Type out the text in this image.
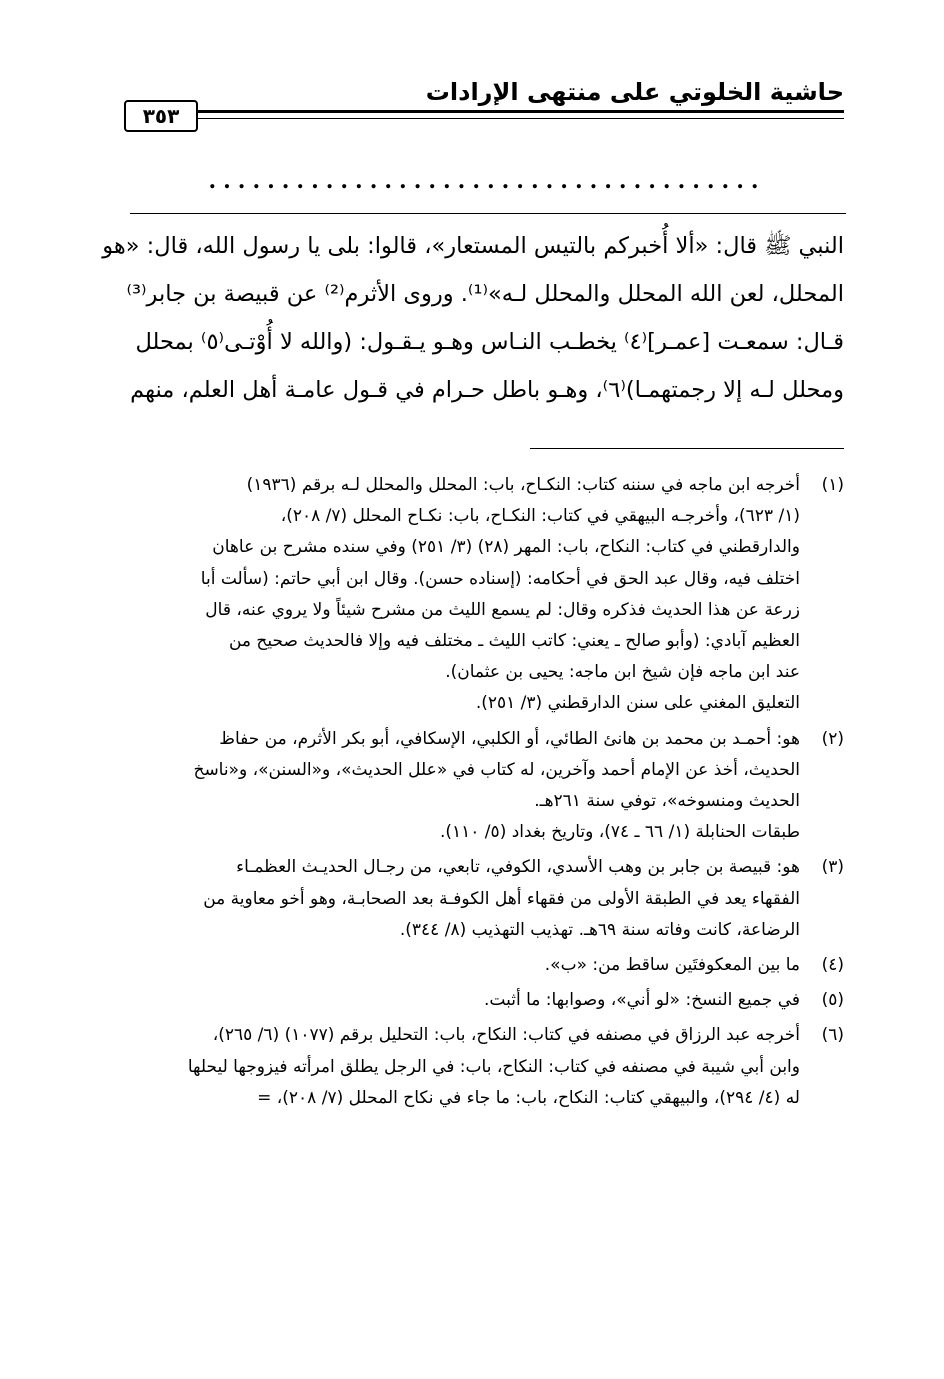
حاشية الخلوتي على منتهى الإرادات
٣٥٣
......................................
النبي ﷺ قال: «ألا أُخبركم بالتيس المستعار»، قالوا: بلى يا رسول الله، قال: «هو
المحلل، لعن الله المحلل والمحلل لـه»⁽¹⁾. وروى الأثرم⁽²⁾ عن قبيصة بن جابر⁽³⁾
قـال: سمعـت [عمـر]⁽٤⁾ يخطـب النـاس وهـو يـقـول: (والله لا أُوْتـى⁽٥⁾ بمحلل
ومحلل لـه إلا رجمتهمـا)⁽٦⁾، وهـو باطل حـرام في قـول عامـة أهل العلم، منهم
(١)
أخرجه ابن ماجه في سننه كتاب: النكـاح، باب: المحلل والمحلل لـه برقم (١٩٣٦)
(١/ ٦٢٣)، وأخرجـه البيهقي في كتاب: النكـاح، باب: نكـاح المحلل (٧/ ٢٠٨)،
والدارقطني في كتاب: النكاح، باب: المهر (٢٨) (٣/ ٢٥١) وفي سنده مشرح بن عاهان
اختلف فيه، وقال عبد الحق في أحكامه: (إسناده حسن). وقال ابن أبي حاتم: (سألت أبا
زرعة عن هذا الحديث فذكره وقال: لم يسمع الليث من مشرح شيئاً ولا يروي عنه، قال
العظيم آبادي: (وأبو صالح ـ يعني: كاتب الليث ـ مختلف فيه وإلا فالحديث صحيح من
عند ابن ماجه فإن شيخ ابن ماجه: يحيى بن عثمان).
التعليق المغني على سنن الدارقطني (٣/ ٢٥١).
(٢)
هو: أحمـد بن محمد بن هانئ الطائي، أو الكلبي، الإسكافي، أبو بكر الأثرم، من حفاظ
الحديث، أخذ عن الإمام أحمد وآخرين، له كتاب في «علل الحديث»، و«السنن»، و«ناسخ
الحديث ومنسوخه»، توفي سنة ٢٦١هـ.
طبقات الحنابلة (١/ ٦٦ ـ ٧٤)، وتاريخ بغداد (٥/ ١١٠).
(٣)
هو: قبيصة بن جابر بن وهب الأسدي، الكوفي، تابعي، من رجـال الحديـث العظمـاء
الفقهاء يعد في الطبقة الأولى من فقهاء أهل الكوفـة بعد الصحابـة، وهو أخو معاوية من
الرضاعة، كانت وفاته سنة ٦٩هـ. تهذيب التهذيب (٨/ ٣٤٤).
(٤)
ما بين المعكوفتَين ساقط من: «ب».
(٥)
في جميع النسخ: «لو أني»، وصوابها: ما أثبت.
(٦)
أخرجه عبد الرزاق في مصنفه في كتاب: النكاح، باب: التحليل برقم (١٠٧٧) (٦/ ٢٦٥)،
وابن أبي شيبة في مصنفه في كتاب: النكاح، باب: في الرجل يطلق امرأته فيزوجها ليحلها
له (٤/ ٢٩٤)، والبيهقي كتاب: النكاح، باب: ما جاء في نكاح المحلل (٧/ ٢٠٨)، =
